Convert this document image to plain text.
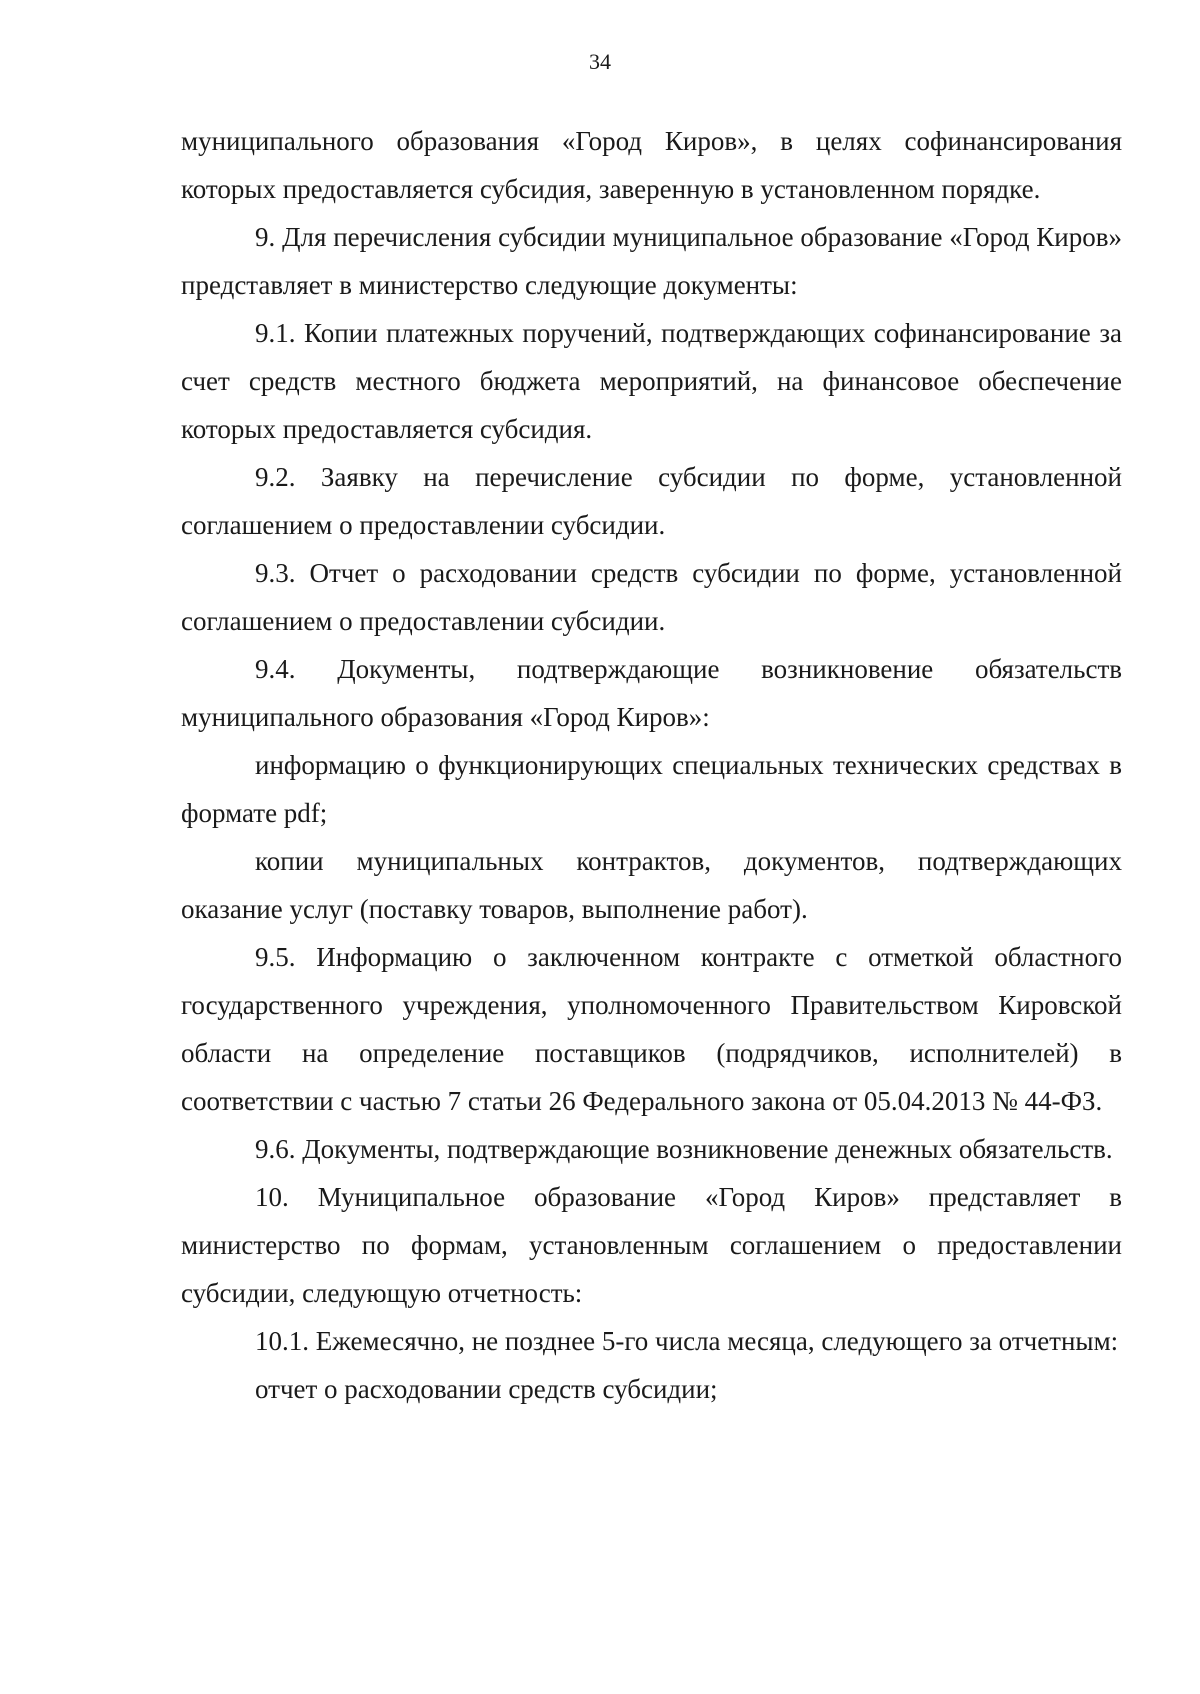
34

муниципального образования «Город Киров», в целях софинансирования которых предоставляется субсидия, заверенную в установленном порядке.

9. Для перечисления субсидии муниципальное образование «Город Киров» представляет в министерство следующие документы:

9.1. Копии платежных поручений, подтверждающих софинансирование за счет средств местного бюджета мероприятий, на финансовое обеспечение которых предоставляется субсидия.

9.2. Заявку на перечисление субсидии по форме, установленной соглашением о предоставлении субсидии.

9.3. Отчет о расходовании средств субсидии по форме, установленной соглашением о предоставлении субсидии.

9.4. Документы, подтверждающие возникновение обязательств муниципального образования «Город Киров»:

информацию о функционирующих специальных технических средствах в формате pdf;

копии муниципальных контрактов, документов, подтверждающих оказание услуг (поставку товаров, выполнение работ).

9.5. Информацию о заключенном контракте с отметкой областного государственного учреждения, уполномоченного Правительством Кировской области на определение поставщиков (подрядчиков, исполнителей) в соответствии с частью 7 статьи 26 Федерального закона от 05.04.2013 № 44-ФЗ.

9.6. Документы, подтверждающие возникновение денежных обязательств.

10. Муниципальное образование «Город Киров» представляет в министерство по формам, установленным соглашением о предоставлении субсидии, следующую отчетность:

10.1. Ежемесячно, не позднее 5-го числа месяца, следующего за отчетным:

отчет о расходовании средств субсидии;
